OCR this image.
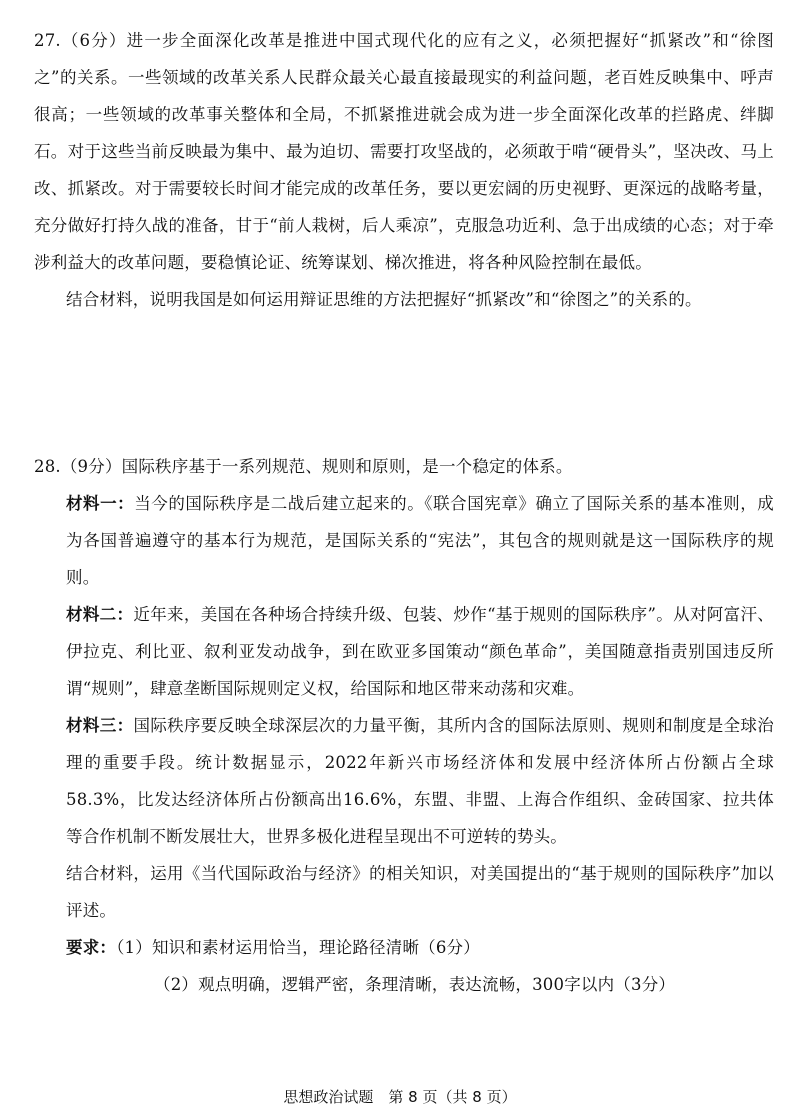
27.（6分）进一步全面深化改革是推进中国式现代化的应有之义，必须把握好“抓紧改”和“徐图之”的关系。一些领域的改革关系人民群众最关心最直接最现实的利益问题，老百姓反映集中、呼声很高；一些领域的改革事关整体和全局，不抓紧推进就会成为进一步全面深化改革的拦路虎、绊脚石。对于这些当前反映最为集中、最为迫切、需要打攻坚战的，必须敢于啃“硬骨头”，坚决改、马上改、抓紧改。对于需要较长时间才能完成的改革任务，要以更宏阔的历史视野、更深远的战略考量，充分做好打持久战的准备，甘于“前人栽树，后人乘凉”，克服急功近利、急于出成绩的心态；对于牵涉利益大的改革问题，要稳慎论证、统筹谋划、梯次推进，将各种风险控制在最低。

结合材料，说明我国是如何运用辩证思维的方法把握好“抓紧改”和“徐图之”的关系的。

28.（9分）国际秩序基于一系列规范、规则和原则，是一个稳定的体系。

材料一：当今的国际秩序是二战后建立起来的。《联合国宪章》确立了国际关系的基本准则，成为各国普遍遵守的基本行为规范，是国际关系的“宪法”，其包含的规则就是这一国际秩序的规则。

材料二：近年来，美国在各种场合持续升级、包装、炒作“基于规则的国际秩序”。从对阿富汗、伊拉克、利比亚、叙利亚发动战争，到在欧亚多国策动“颜色革命”，美国随意指责别国违反所谓“规则”，肆意垄断国际规则定义权，给国际和地区带来动荡和灾难。

材料三：国际秩序要反映全球深层次的力量平衡，其所内含的国际法原则、规则和制度是全球治理的重要手段。统计数据显示，2022年新兴市场经济体和发展中经济体所占份额占全球58.3%，比发达经济体所占份额高出16.6%，东盟、非盟、上海合作组织、金砖国家、拉共体等合作机制不断发展壮大，世界多极化进程呈现出不可逆转的势头。

结合材料，运用《当代国际政治与经济》的相关知识，对美国提出的“基于规则的国际秩序”加以评述。

要求：（1）知识和素材运用恰当，理论路径清晰（6分）

（2）观点明确，逻辑严密，条理清晰，表达流畅，300字以内（3分）

思想政治试题　第 8 页（共 8 页）
